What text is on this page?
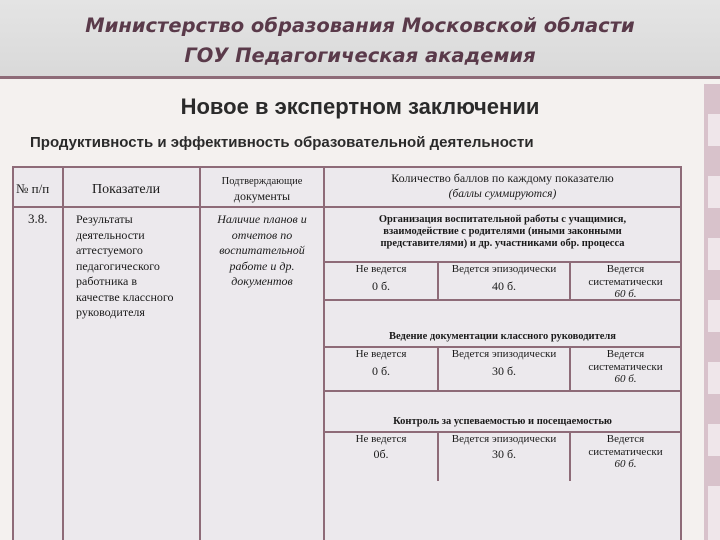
Министерство образования Московской области
ГОУ Педагогическая академия
Новое в экспертном заключении
Продуктивность и эффективность образовательной деятельности
№ п/п	Показатели
Подтверждающие
документы
Количество баллов по каждому показателю
(баллы суммируются)
3.8. Результаты
деятельности
аттестуемого
педагогического
работника в
качестве классного
руководителя
Наличие планов и
отчетов по
воспитательной
работе и др.
документов
Организация воспитательной работы с учащимися,
взаимодействие с родителями (иными законными
представителями) и др. участниками обр. процесса
Не ведется
0 б.
Ведется эпизодически
40 б.
Ведется
систематически
60 б.
Ведение документации классного руководителя
Не ведется
0 б.
Ведется эпизодически
30 б.
Ведется
систематически
60 б.
Контроль за успеваемостью и посещаемостью
Не ведется
0б.
Ведется эпизодически
30 б.
Ведется
систематически
60 б.
